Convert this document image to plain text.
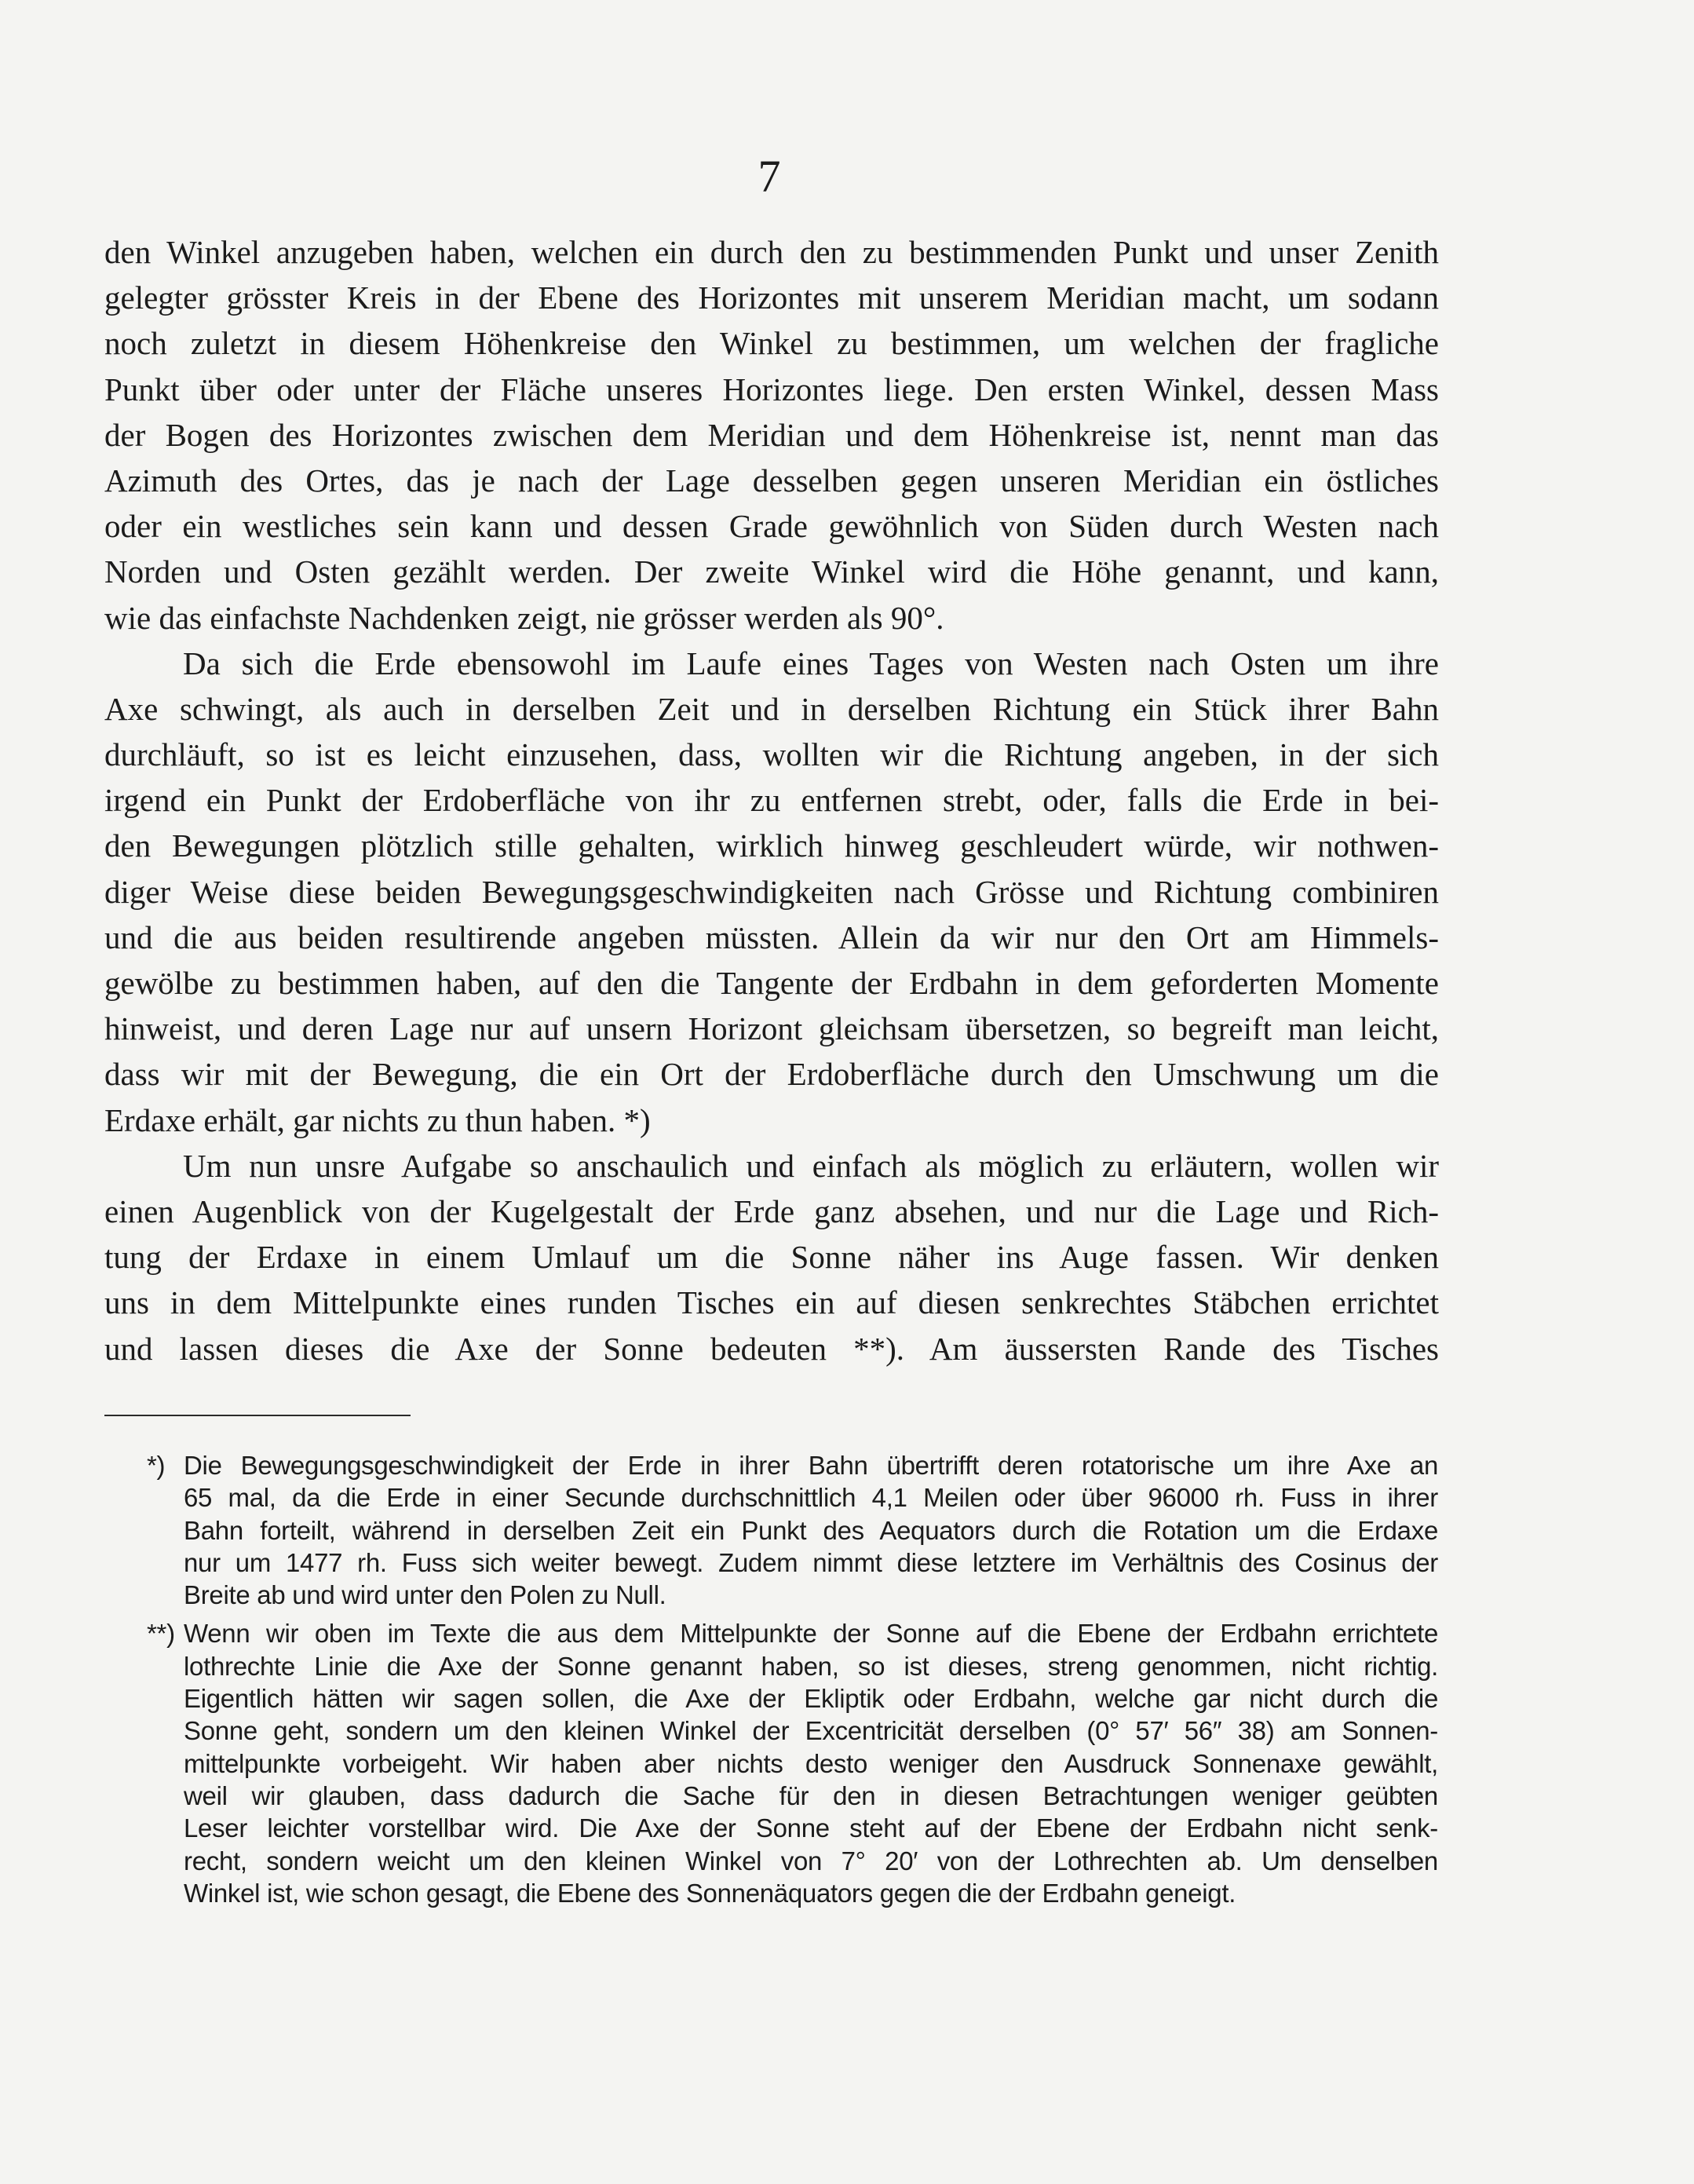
7
den Winkel anzugeben haben, welchen ein durch den zu bestimmenden Punkt und unser Zenith
gelegter grösster Kreis in der Ebene des Horizontes mit unserem Meridian macht, um sodann
noch zuletzt in diesem Höhenkreise den Winkel zu bestimmen, um welchen der fragliche
Punkt über oder unter der Fläche unseres Horizontes liege. Den ersten Winkel, dessen Mass
der Bogen des Horizontes zwischen dem Meridian und dem Höhenkreise ist, nennt man das
Azimuth des Ortes, das je nach der Lage desselben gegen unseren Meridian ein östliches
oder ein westliches sein kann und dessen Grade gewöhnlich von Süden durch Westen nach
Norden und Osten gezählt werden. Der zweite Winkel wird die Höhe genannt, und kann,
wie das einfachste Nachdenken zeigt, nie grösser werden als 90°.
Da sich die Erde ebensowohl im Laufe eines Tages von Westen nach Osten um ihre
Axe schwingt, als auch in derselben Zeit und in derselben Richtung ein Stück ihrer Bahn
durchläuft, so ist es leicht einzusehen, dass, wollten wir die Richtung angeben, in der sich
irgend ein Punkt der Erdoberfläche von ihr zu entfernen strebt, oder, falls die Erde in bei-
den Bewegungen plötzlich stille gehalten, wirklich hinweg geschleudert würde, wir nothwen-
diger Weise diese beiden Bewegungsgeschwindigkeiten nach Grösse und Richtung combiniren
und die aus beiden resultirende angeben müssten. Allein da wir nur den Ort am Himmels-
gewölbe zu bestimmen haben, auf den die Tangente der Erdbahn in dem geforderten Momente
hinweist, und deren Lage nur auf unsern Horizont gleichsam übersetzen, so begreift man leicht,
dass wir mit der Bewegung, die ein Ort der Erdoberfläche durch den Umschwung um die
Erdaxe erhält, gar nichts zu thun haben. *)
Um nun unsre Aufgabe so anschaulich und einfach als möglich zu erläutern, wollen wir
einen Augenblick von der Kugelgestalt der Erde ganz absehen, und nur die Lage und Rich-
tung der Erdaxe in einem Umlauf um die Sonne näher ins Auge fassen. Wir denken
uns in dem Mittelpunkte eines runden Tisches ein auf diesen senkrechtes Stäbchen errichtet
und lassen dieses die Axe der Sonne bedeuten **). Am äussersten Rande des Tisches
*) Die Bewegungsgeschwindigkeit der Erde in ihrer Bahn übertrifft deren rotatorische um ihre Axe an
65 mal, da die Erde in einer Secunde durchschnittlich 4,1 Meilen oder über 96000 rh. Fuss in ihrer
Bahn forteilt, während in derselben Zeit ein Punkt des Aequators durch die Rotation um die Erdaxe
nur um 1477 rh. Fuss sich weiter bewegt. Zudem nimmt diese letztere im Verhältnis des Cosinus der
Breite ab und wird unter den Polen zu Null.
**) Wenn wir oben im Texte die aus dem Mittelpunkte der Sonne auf die Ebene der Erdbahn errichtete
lothrechte Linie die Axe der Sonne genannt haben, so ist dieses, streng genommen, nicht richtig.
Eigentlich hätten wir sagen sollen, die Axe der Ekliptik oder Erdbahn, welche gar nicht durch die
Sonne geht, sondern um den kleinen Winkel der Excentricität derselben (0° 57′ 56″ 38) am Sonnen-
mittelpunkte vorbeigeht. Wir haben aber nichts desto weniger den Ausdruck Sonnenaxe gewählt,
weil wir glauben, dass dadurch die Sache für den in diesen Betrachtungen weniger geübten
Leser leichter vorstellbar wird. Die Axe der Sonne steht auf der Ebene der Erdbahn nicht senk-
recht, sondern weicht um den kleinen Winkel von 7° 20′ von der Lothrechten ab. Um denselben
Winkel ist, wie schon gesagt, die Ebene des Sonnenäquators gegen die der Erdbahn geneigt.
